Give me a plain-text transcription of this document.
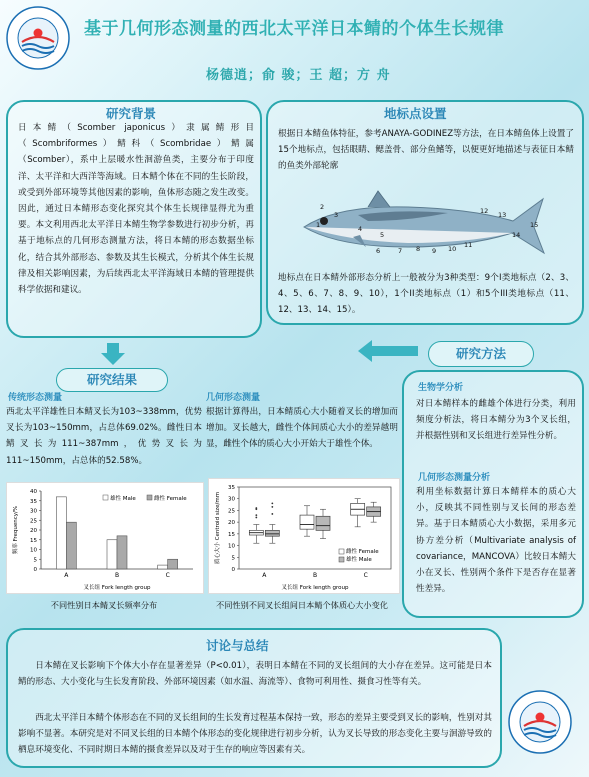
基于几何形态测量的西北太平洋日本鲭的个体生长规律
杨德逍；俞 骏；王 超；方 舟
研究背景
日本鲭（Scomber japonicus）隶属鲭形目（Scombriformes）鲭科（Scombridae）鲭属（Scomber），系中上层暖水性洄游鱼类，主要分布于印度洋、太平洋和大西洋等海域。日本鲭个体在不同的生长阶段，或受到外部环境等其他因素的影响，鱼体形态随之发生改变。因此，通过日本鲭形态变化探究其个体生长规律显得尤为重要。本文利用西北太平洋日本鲭生物学参数进行初步分析，再基于地标点的几何形态测量方法，将日本鲭的形态数据坐标化，结合其外部形态、参数及其生长模式，分析其个体生长规律及相关影响因素，为后续西北太平洋海域日本鲭的管理提供科学依据和建议。
地标点设置
根据日本鲭鱼体特征，参考ANAYA-GODINEZ等方法，在日本鲭鱼体上设置了15个地标点，包括眼睛、鳃盖骨、部分鱼鳍等，以便更好地描述与表征日本鲭的鱼类外部轮廓
1
2
3
4
5
6	7 8 9 10 11
12 13
14
15
地标点在日本鲭外部形态分析上一般被分为3种类型：9个I类地标点（2、3、4、5、6、7、8、9、10），1个II类地标点（1）和5个III类地标点（11、12、13、14、15）。
研究方法
生物学分析
对日本鲭样本的雌雄个体进行分类，利用频度分析法，将日本鲭分为3个叉长组，并根据性别和叉长组进行差异性分析。
几何形态测量分析
利用坐标数据计算日本鲭样本的质心大小，反映其不同性别与叉长间的形态差异。基于日本鲭质心大小数据，采用多元协方差分析（Multivariate analysis of covariance，MANCOVA）比较日本鲭大小在叉长、性别两个条件下是否存在显著性差异。
研究结果
传统形态测量
西北太平洋雄性日本鲭叉长为103~338mm，优势叉长为103~150mm，占总体69.02%。雌性日本鲭叉长为111~387mm，优势叉长为111~150mm，占总体的52.58%。
0
5
10
15
20
25
30
35
40
频率 Frequency/%
叉长组 Fork length group
A	B	C
雄性 Male	雌性 Female
不同性别日本鲭叉长频率分布
几何形态测量
根据计算得出，日本鲭质心大小随着叉长的增加而增加。叉长越大，雌性个体间质心大小的差异越明显，雌性个体的质心大小开始大于雄性个体。
0
5
10
15
20
25
30
35
质心大小 Centroid size/mm
叉长组 Fork length group
A	B	C
雌性 Female
雄性 Male
不同性别不同叉长组间日本鲭个体质心大小变化
讨论与总结
日本鲭在叉长影响下个体大小存在显著差异（P<0.01），表明日本鲭在不同的叉长组间的大小存在差异。这可能是日本鲭的形态、大小变化与生长发育阶段、外部环境因素（如水温、海流等）、食物可利用性、摄食习性等有关。
西北太平洋日本鲭个体形态在不同的叉长组间的生长发育过程基本保持一致，形态的差异主要受到叉长的影响，性别对其影响不显著。本研究是对不同叉长组的日本鲭个体形态的变化规律进行初步分析，认为叉长导致的形态变化主要与洄游导致的栖息环境变化、不同时期日本鲭的摄食差异以及对于生存的响应等因素有关。
